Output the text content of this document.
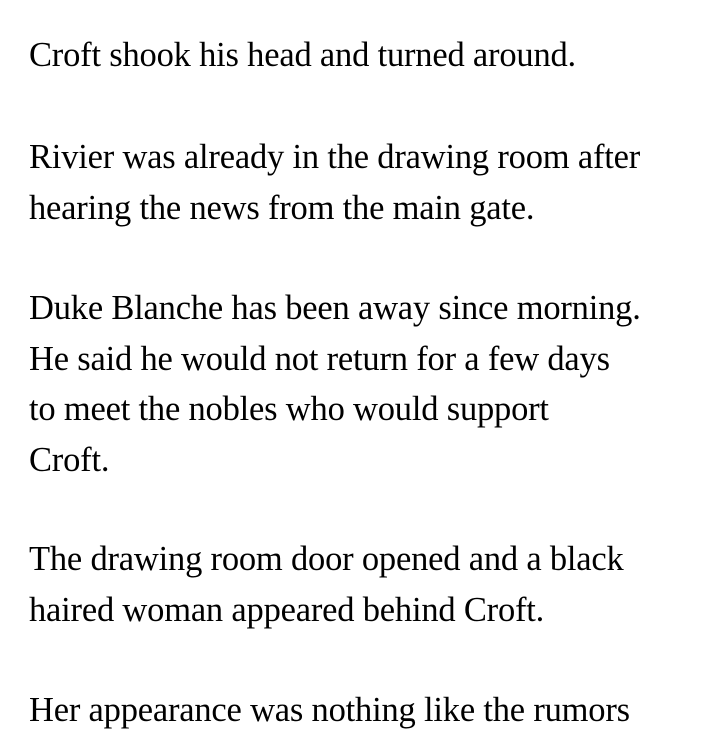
Croft shook his head and turned around.

Rivier was already in the drawing room after
hearing the news from the main gate.

Duke Blanche has been away since morning.
He said he would not return for a few days
to meet the nobles who would support
Croft.

The drawing room door opened and a black
haired woman appeared behind Croft.

Her appearance was nothing like the rumors
